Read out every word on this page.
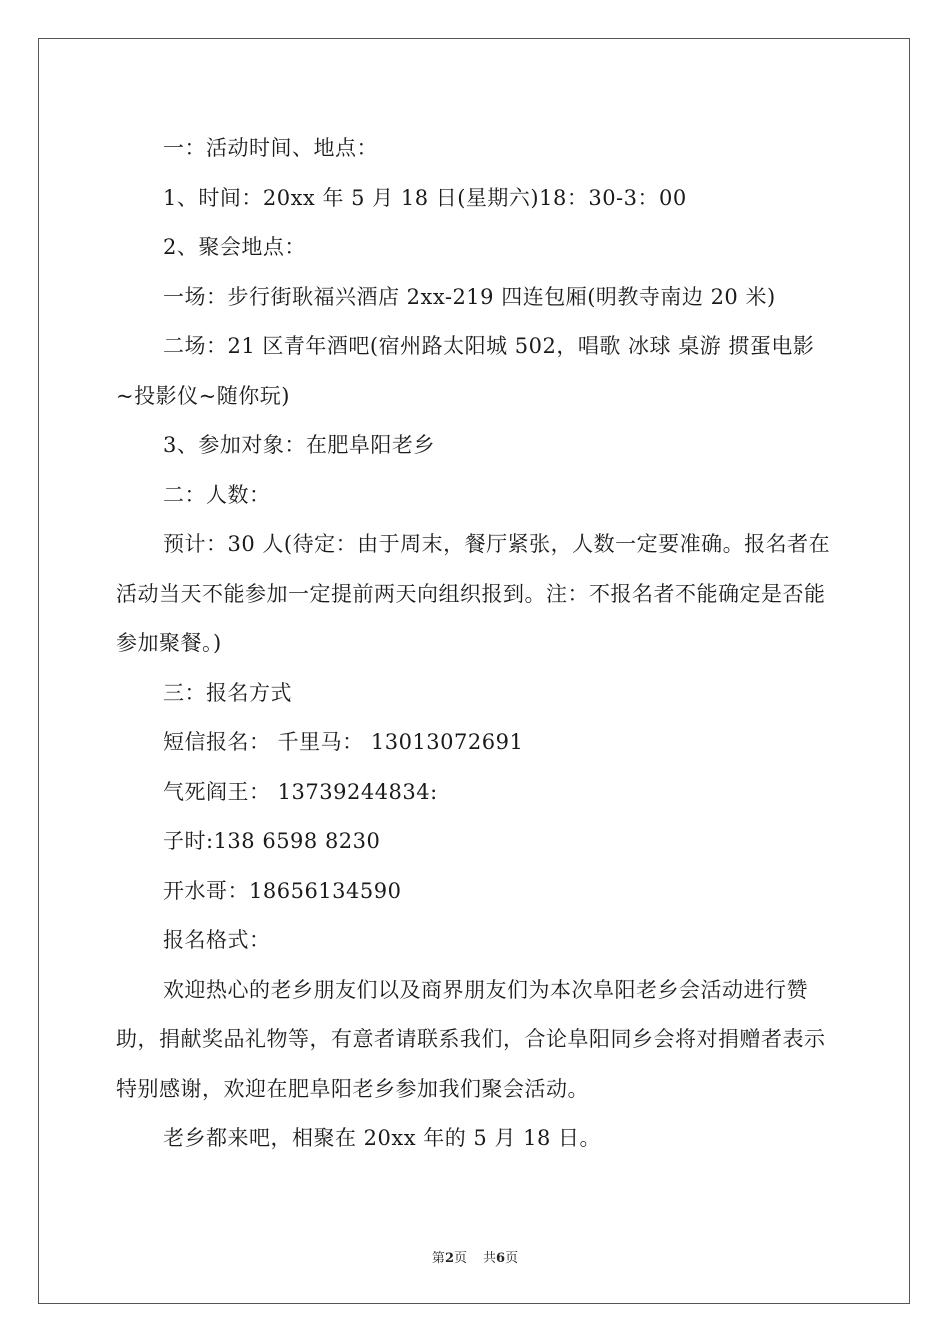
一：活动时间、地点：

1、时间：20xx 年 5 月 18 日(星期六)18：30-3：00

2、聚会地点：

一场：步行街耿福兴酒店 2xx-219 四连包厢(明教寺南边 20 米)

二场：21 区青年酒吧(宿州路太阳城 502，唱歌 冰球 桌游 掼蛋电影~投影仪~随你玩)

3、参加对象：在肥阜阳老乡

二：人数：

预计：30 人(待定：由于周末，餐厅紧张，人数一定要准确。报名者在活动当天不能参加一定提前两天向组织报到。注：不报名者不能确定是否能参加聚餐。)

三：报名方式

短信报名： 千里马： 13013072691

气死阎王： 13739244834:

子时:138 6598 8230

开水哥：18656134590

报名格式：

欢迎热心的老乡朋友们以及商界朋友们为本次阜阳老乡会活动进行赞助，捐献奖品礼物等，有意者请联系我们，合论阜阳同乡会将对捐赠者表示特别感谢，欢迎在肥阜阳老乡参加我们聚会活动。

老乡都来吧，相聚在 20xx 年的 5 月 18 日。

第2页 共6页
